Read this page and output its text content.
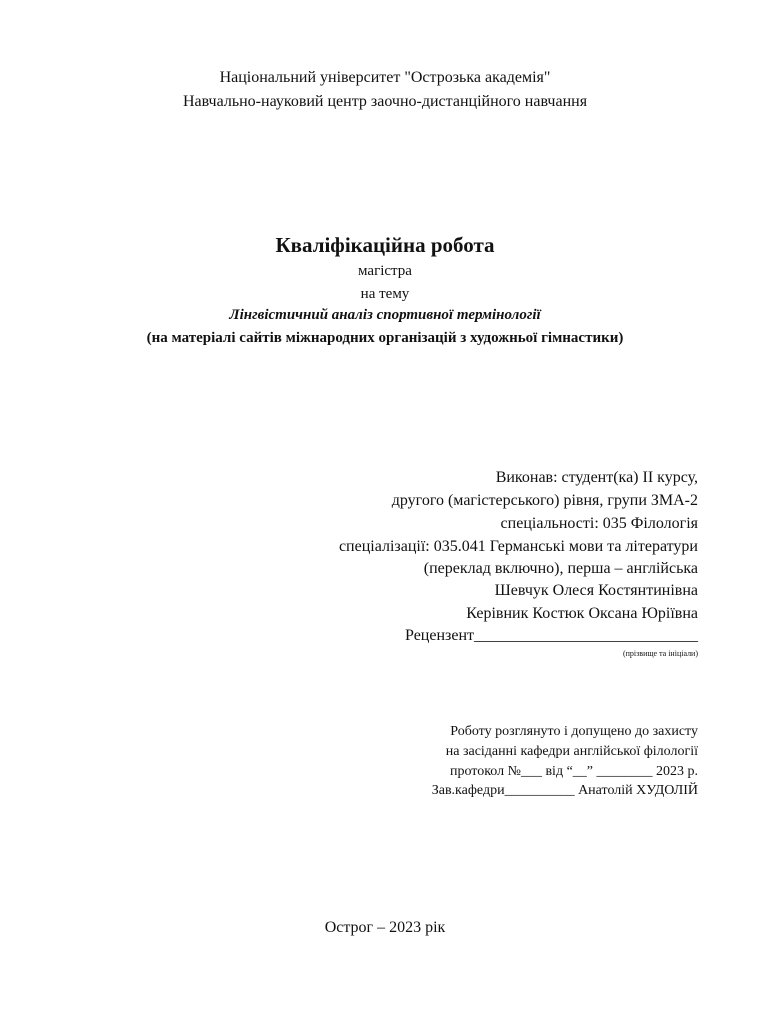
Національний університет "Острозька академія"
Навчально-науковий центр заочно-дистанційного навчання
Кваліфікаційна робота
магістра
на тему
Лінгвістичний аналіз спортивної термінології
(на матеріалі сайтів міжнародних організацій з художньої гімнастики)
Виконав: студент(ка) ІІ курсу,
другого (магістерського) рівня, групи ЗМА-2
спеціальності: 035 Філологія
спеціалізації: 035.041 Германські мови та літератури
(переклад включно), перша – англійська
Шевчук Олеся Костянтинівна
Керівник Костюк Оксана Юріївна
Рецензент____________________________
(прізвище та ініціали)
Роботу розглянуто і допущено до захисту
на засіданні кафедри англійської філології
протокол №___ від “__” ________ 2023 р.
Зав.кафедри__________ Анатолій ХУДОЛІЙ
Острог – 2023 рік
